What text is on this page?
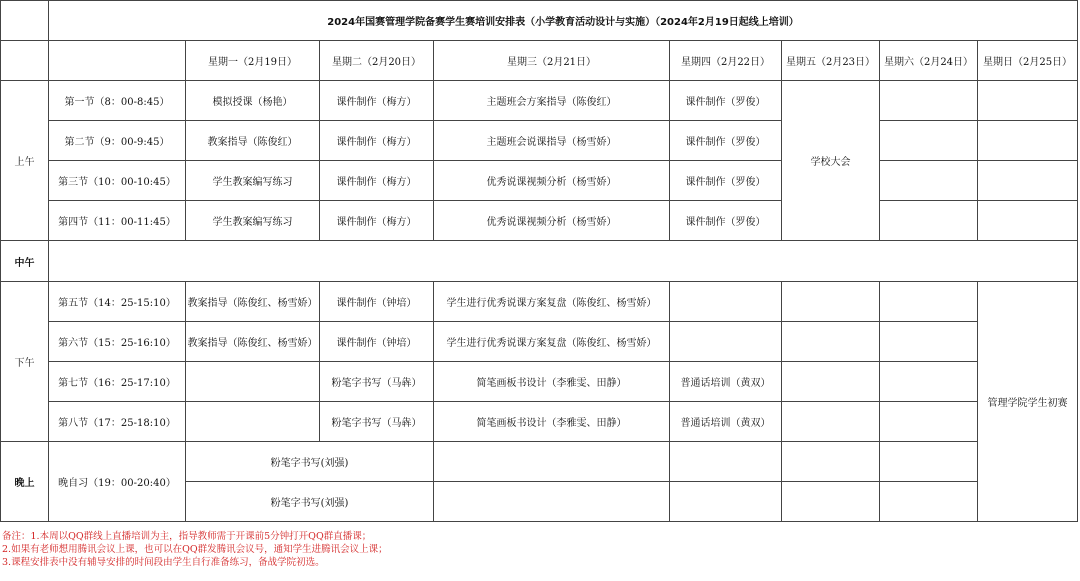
	2024年国赛管理学院备赛学生赛培训安排表（小学教育活动设计与实施）（2024年2月19日起线上培训）							
		星期一（2月19日）	星期二（2月20日）	星期三（2月21日）	星期四（2月22日）	星期五（2月23日）	星期六（2月24日）	星期日（2月25日）
上午	第一节（8：00-8:45）	模拟授课（杨艳）	课件制作（梅方）	主题班会方案指导（陈俊红）	课件制作（罗俊）	学校大会		
	第二节（9：00-9:45）	教案指导（陈俊红）	课件制作（梅方）	主题班会说课指导（杨雪娇）	课件制作（罗俊）			
	第三节（10：00-10:45）	学生教案编写练习	课件制作（梅方）	优秀说课视频分析（杨雪娇）	课件制作（罗俊）			
	第四节（11：00-11:45）	学生教案编写练习	课件制作（梅方）	优秀说课视频分析（杨雪娇）	课件制作（罗俊）			
中午								
下午	第五节（14：25-15:10）	教案指导（陈俊红、杨雪娇）	课件制作（钟培）	学生进行优秀说课方案复盘（陈俊红、杨雪娇）				管理学院学生初赛
	第六节（15：25-16:10）	教案指导（陈俊红、杨雪娇）	课件制作（钟培）	学生进行优秀说课方案复盘（陈俊红、杨雪娇）				
	第七节（16：25-17:10）		粉笔字书写（马犇）	简笔画板书设计（李雅雯、田静）	普通话培训（黄双）			
	第八节（17：25-18:10）		粉笔字书写（马犇）	简笔画板书设计（李雅雯、田静）	普通话培训（黄双）			
晚上	晚自习（19：00-20:40）	粉笔字书写(刘强)						
		粉笔字书写(刘强)						
备注：1.本周以QQ群线上直播培训为主，指导教师需于开课前5分钟打开QQ群直播课；
2.如果有老师想用腾讯会议上课，也可以在QQ群发腾讯会议号，通知学生进腾讯会议上课；
3.课程安排表中没有辅导安排的时间段由学生自行准备练习，备战学院初选。
